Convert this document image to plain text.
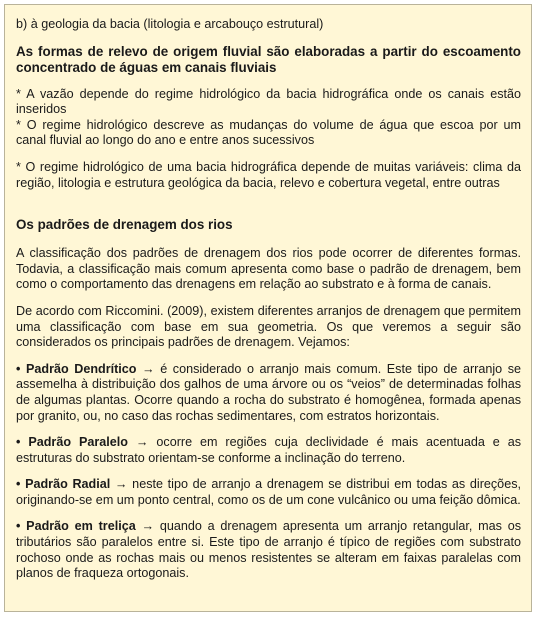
b) à geologia da bacia (litologia e arcabouço estrutural)

As formas de relevo de origem fluvial são elaboradas a partir do escoamento concentrado de águas em canais fluviais

* A vazão depende do regime hidrológico da bacia hidrográfica onde os canais estão inseridos

* O regime hidrológico descreve as mudanças do volume de água que escoa por um canal fluvial ao longo do ano e entre anos sucessivos

* O regime hidrológico de uma bacia hidrográfica depende de muitas variáveis: clima da região, litologia e estrutura geológica da bacia, relevo e cobertura vegetal, entre outras

Os padrões de drenagem dos rios

A classificação dos padrões de drenagem dos rios pode ocorrer de diferentes formas. Todavia, a classificação mais comum apresenta como base o padrão de drenagem, bem como o comportamento das drenagens em relação ao substrato e à forma de canais.

De acordo com Riccomini. (2009), existem diferentes arranjos de drenagem que permitem uma classificação com base em sua geometria. Os que veremos a seguir são considerados os principais padrões de drenagem. Vejamos:

• Padrão Dendrítico → é considerado o arranjo mais comum. Este tipo de arranjo se assemelha à distribuição dos galhos de uma árvore ou os “veios” de determinadas folhas de algumas plantas. Ocorre quando a rocha do substrato é homogênea, formada apenas por granito, ou, no caso das rochas sedimentares, com estratos horizontais.

• Padrão Paralelo → ocorre em regiões cuja declividade é mais acentuada e as estruturas do substrato orientam-se conforme a inclinação do terreno.

• Padrão Radial → neste tipo de arranjo a drenagem se distribui em todas as direções, originando-se em um ponto central, como os de um cone vulcânico ou uma feição dômica.

• Padrão em treliça → quando a drenagem apresenta um arranjo retangular, mas os tributários são paralelos entre si. Este tipo de arranjo é típico de regiões com substrato rochoso onde as rochas mais ou menos resistentes se alteram em faixas paralelas com planos de fraqueza ortogonais.
